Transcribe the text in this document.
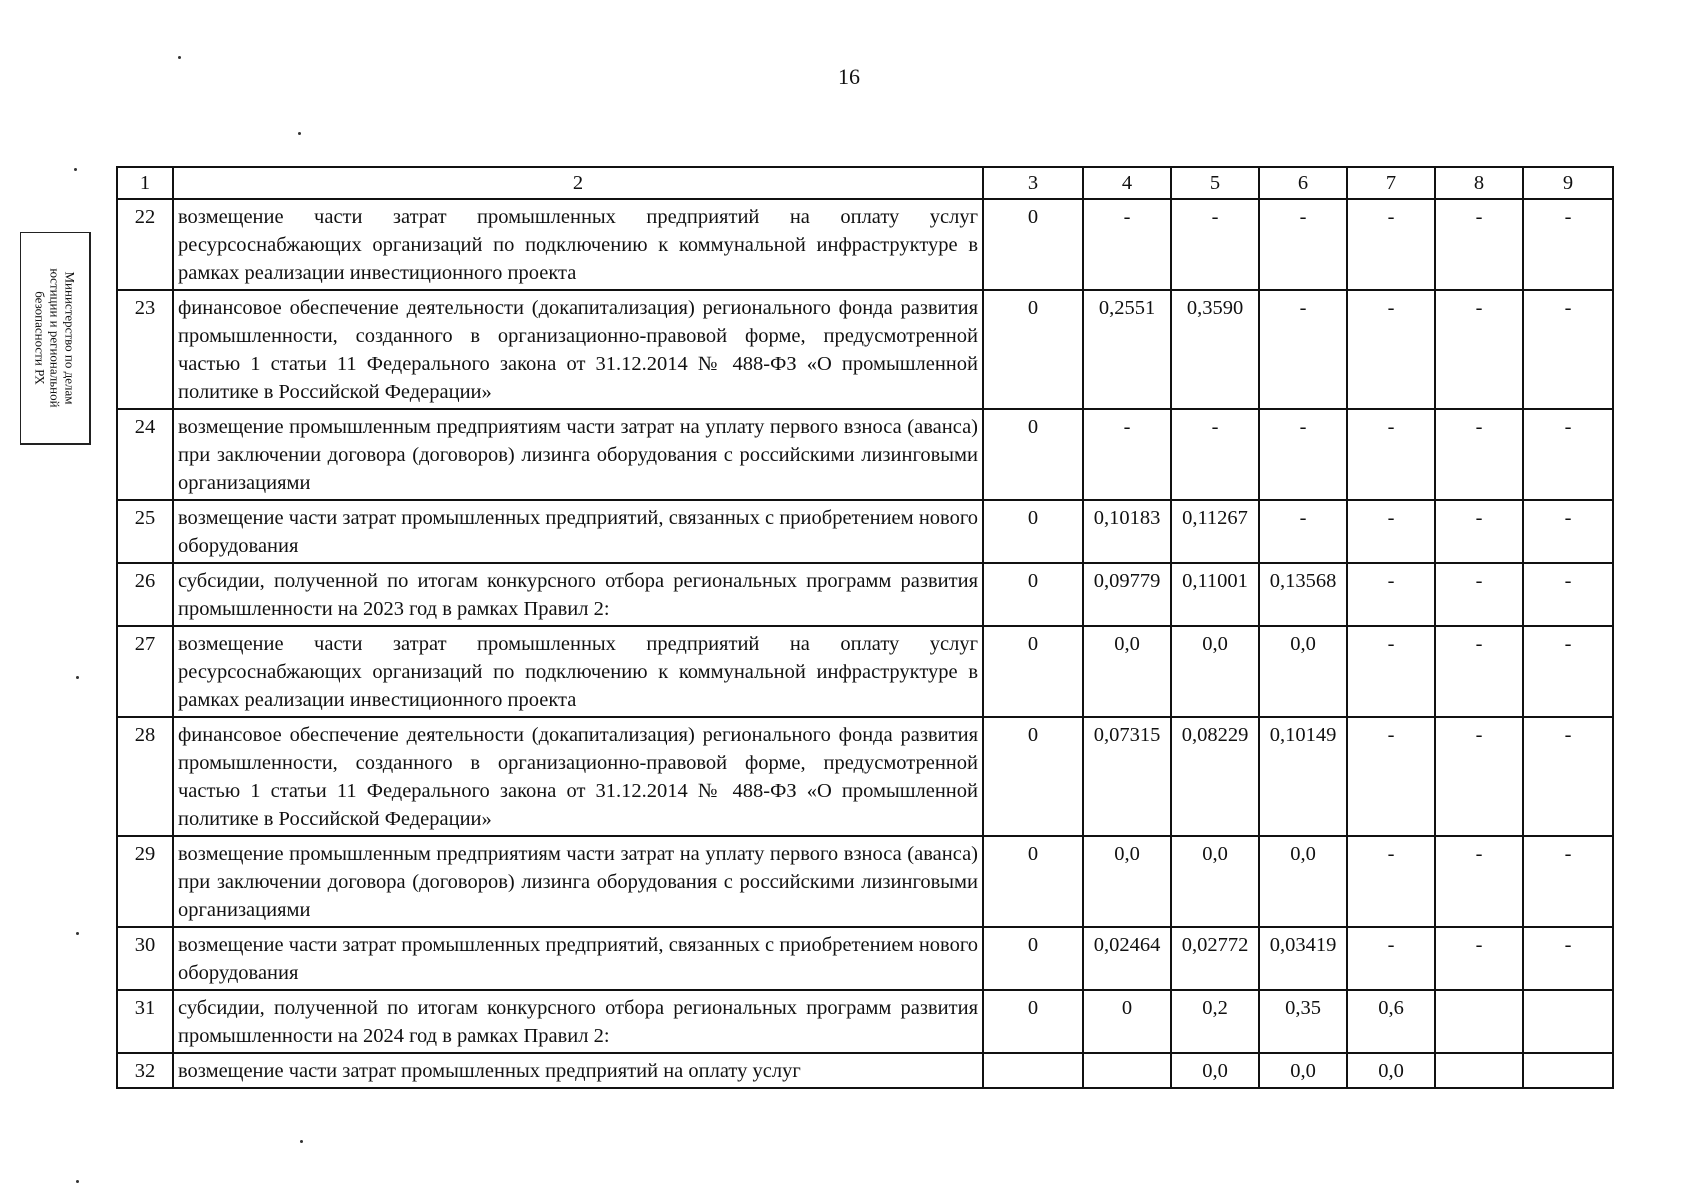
16
Министерство по делам
юстиции и региональной
безопасности РХ
1	2	3	4	5	6	7	8	9
22	возмещение части затрат промышленных предприятий на оплату услуг ресурсоснабжающих организаций по подключению к коммунальной инфраструктуре в рамках реализации инвестиционного проекта	0	-	-	-	-	-	-
23	финансовое обеспечение деятельности (докапитализация) регионального фонда развития промышленности, созданного в организационно-правовой форме, предусмотренной частью 1 статьи 11 Федерального закона от 31.12.2014 № 488-ФЗ «О промышленной политике в Российской Федерации»	0	0,2551	0,3590	-	-	-	-
24	возмещение промышленным предприятиям части затрат на уплату первого взноса (аванса) при заключении договора (договоров) лизинга оборудования с российскими лизинговыми организациями	0	-	-	-	-	-	-
25	возмещение части затрат промышленных предприятий, связанных с приобретением нового оборудования	0	0,10183	0,11267	-	-	-	-
26	субсидии, полученной по итогам конкурсного отбора региональных программ развития промышленности на 2023 год в рамках Правил 2:	0	0,09779	0,11001	0,13568	-	-	-
27	возмещение части затрат промышленных предприятий на оплату услуг ресурсоснабжающих организаций по подключению к коммунальной инфраструктуре в рамках реализации инвестиционного проекта	0	0,0	0,0	0,0	-	-	-
28	финансовое обеспечение деятельности (докапитализация) регионального фонда развития промышленности, созданного в организационно-правовой форме, предусмотренной частью 1 статьи 11 Федерального закона от 31.12.2014 № 488-ФЗ «О промышленной политике в Российской Федерации»	0	0,07315	0,08229	0,10149	-	-	-
29	возмещение промышленным предприятиям части затрат на уплату первого взноса (аванса) при заключении договора (договоров) лизинга оборудования с российскими лизинговыми организациями	0	0,0	0,0	0,0	-	-	-
30	возмещение части затрат промышленных предприятий, связанных с приобретением нового оборудования	0	0,02464	0,02772	0,03419	-	-	-
31	субсидии, полученной по итогам конкурсного отбора региональных программ развития промышленности на 2024 год в рамках Правил 2:	0	0	0,2	0,35	0,6		
32	возмещение части затрат промышленных предприятий на оплату услуг			0,0	0,0	0,0		
